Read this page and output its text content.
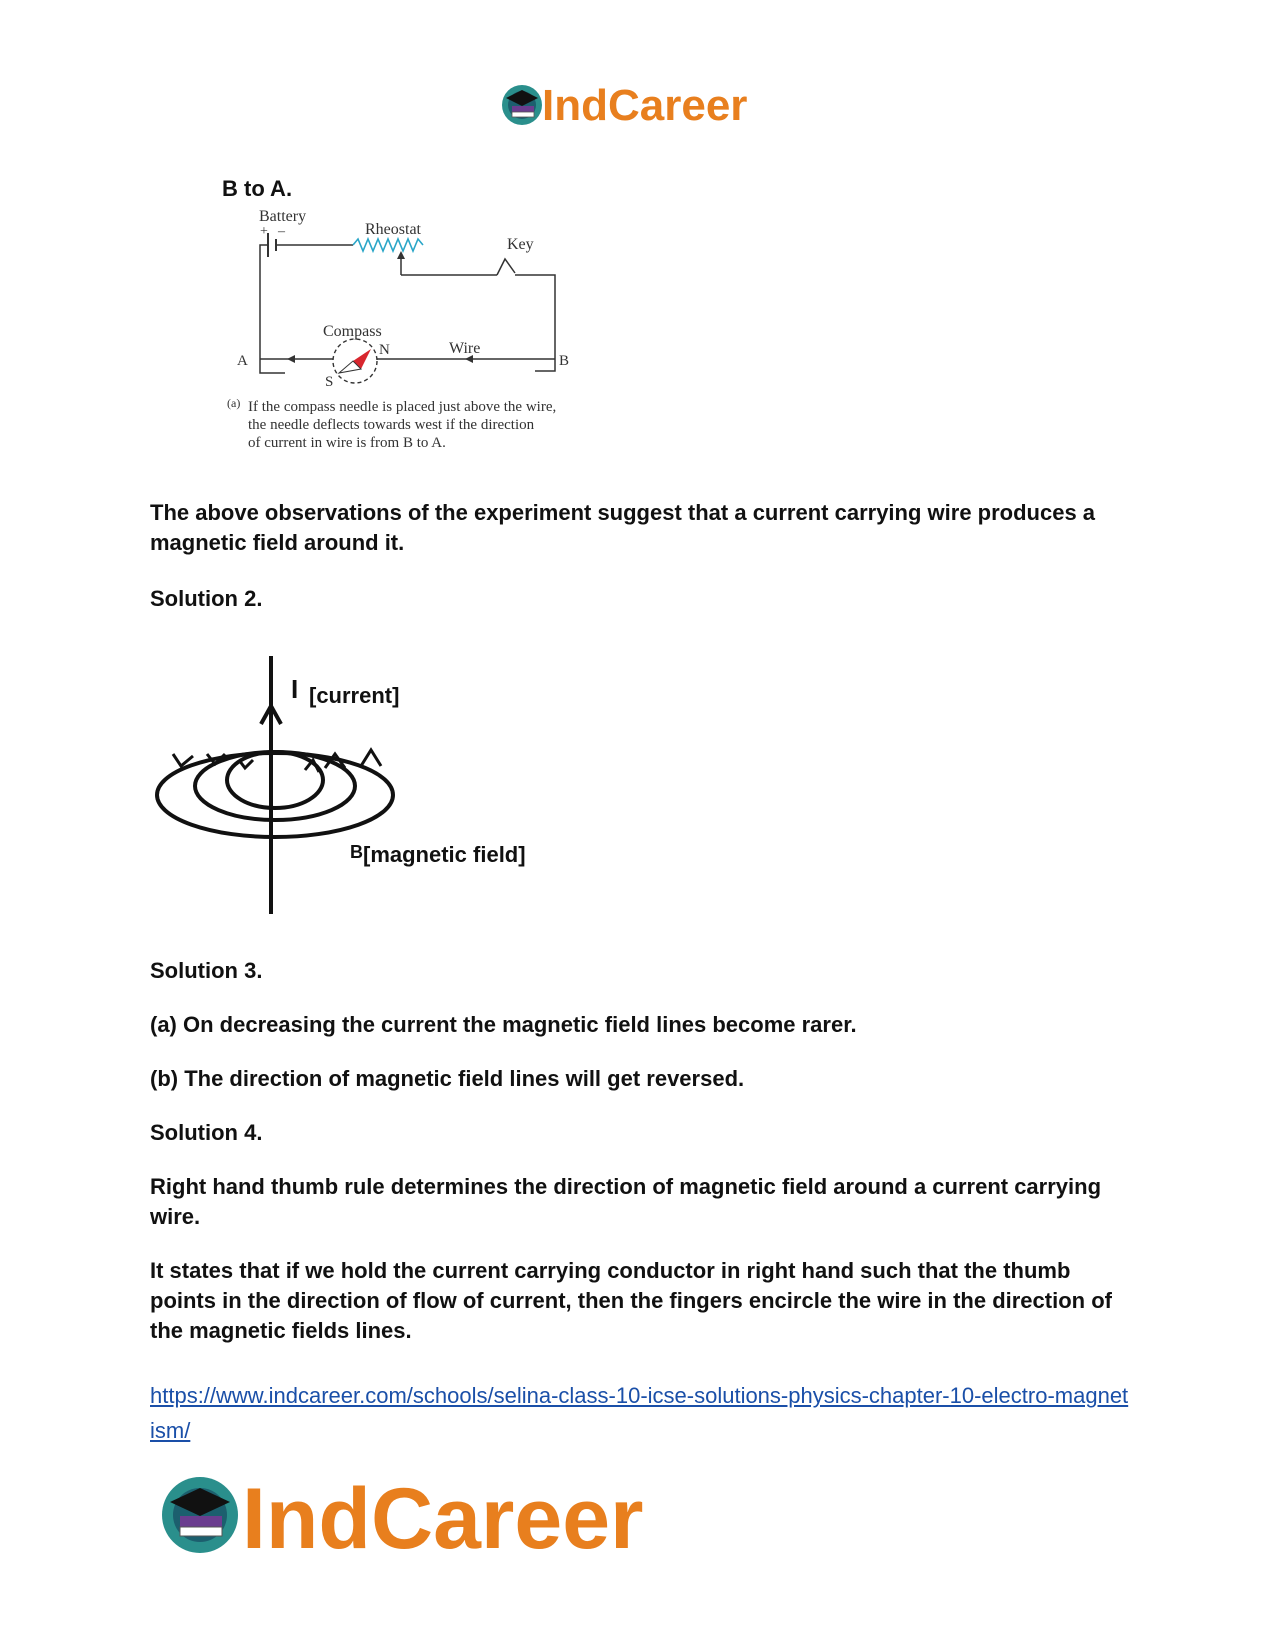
IndCareer

B to A.

Battery
+ –	Rheostat
Key
Compass
N
S
Wire
A	B
(a) If the compass needle is placed just above the wire,
the needle deflects towards west if the direction
of current in wire is from B to A.

The above observations of the experiment suggest that a current carrying wire produces a magnetic field around it.

Solution 2.

I [current]
B [magnetic field]

Solution 3.

(a) On decreasing the current the magnetic field lines become rarer.

(b) The direction of magnetic field lines will get reversed.

Solution 4.

Right hand thumb rule determines the direction of magnetic field around a current carrying wire.

It states that if we hold the current carrying conductor in right hand such that the thumb points in the direction of flow of current, then the fingers encircle the wire in the direction of the magnetic fields lines.

https://www.indcareer.com/schools/selina-class-10-icse-solutions-physics-chapter-10-electro-magnetism/
IndCareer
